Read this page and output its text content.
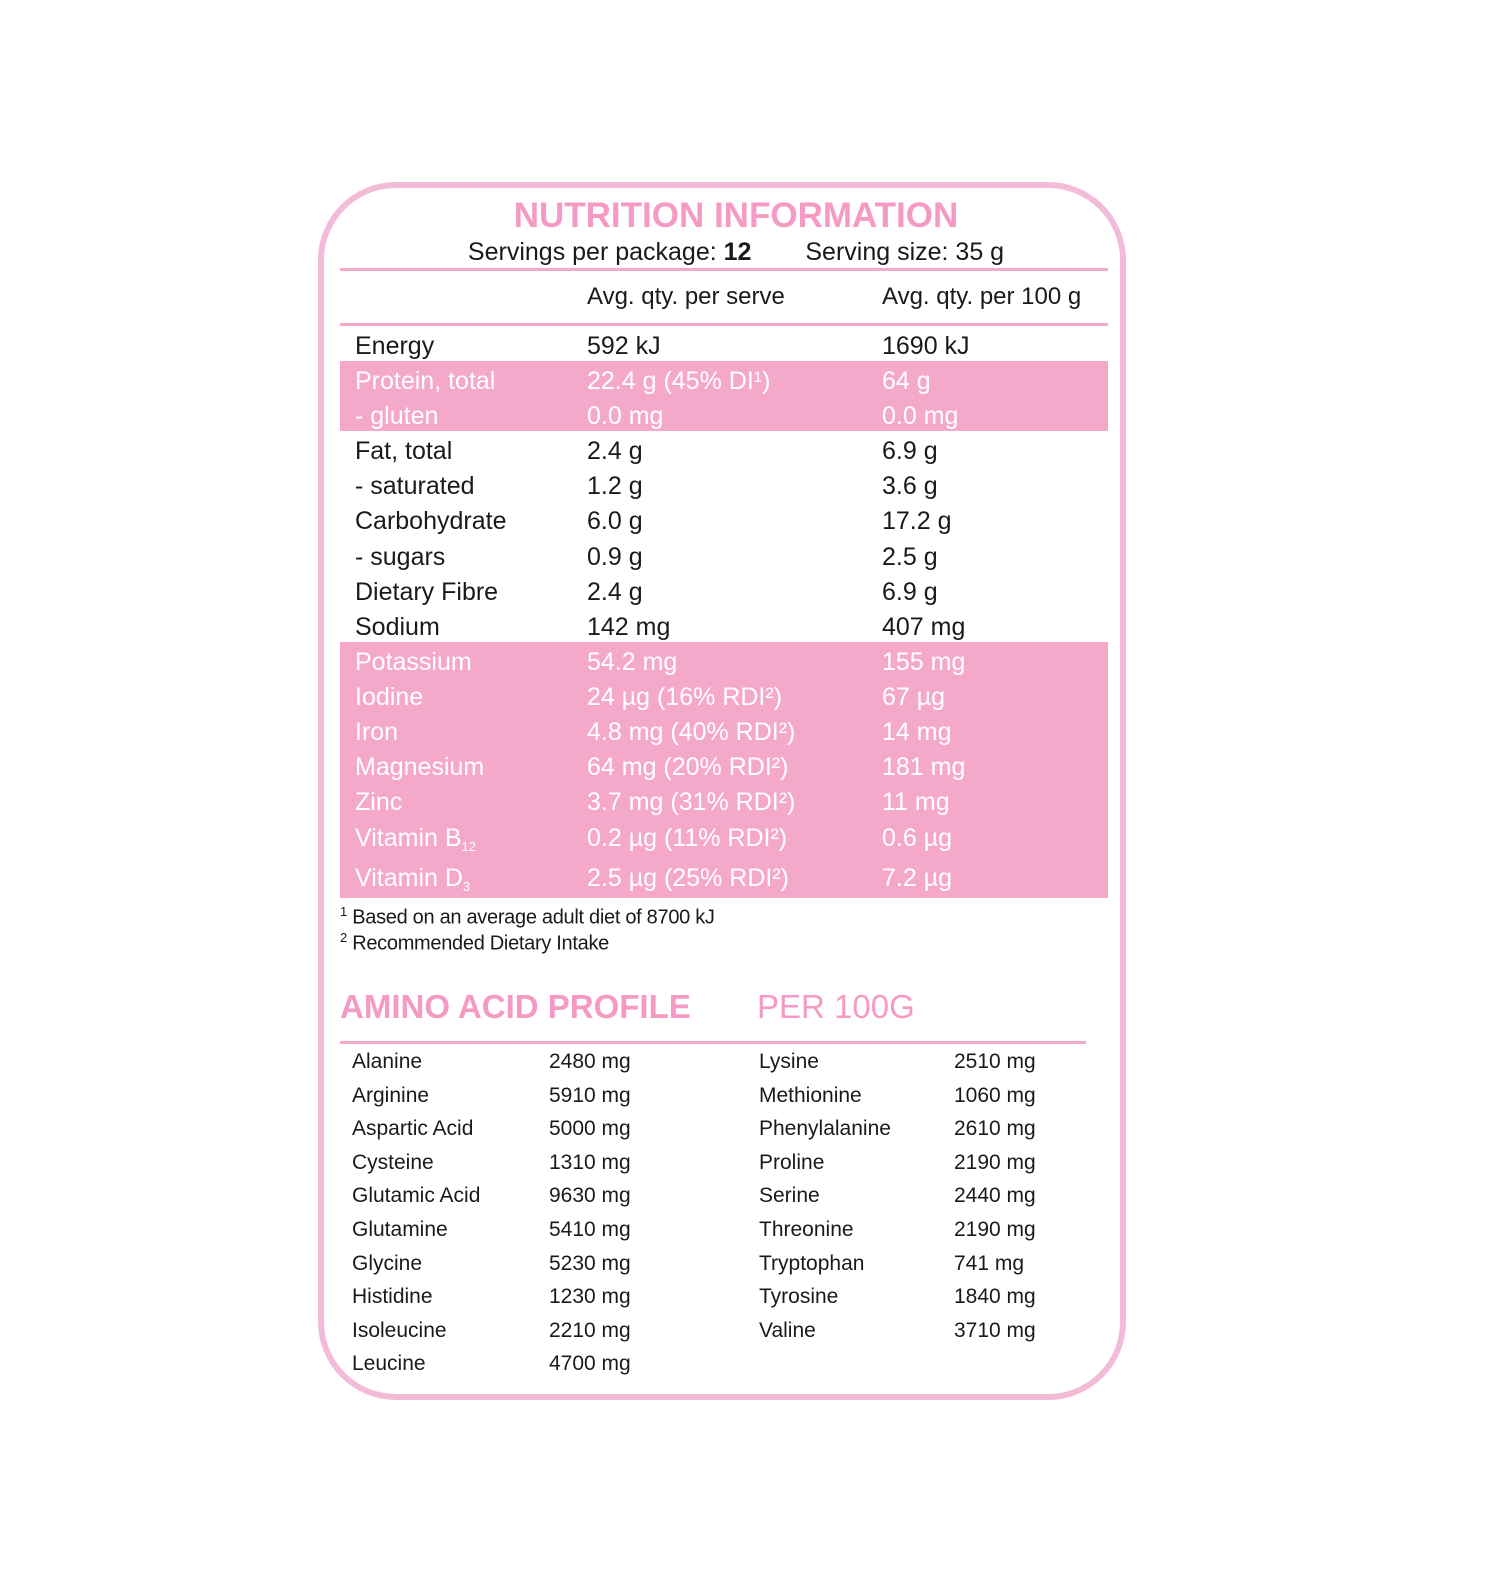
NUTRITION INFORMATION
Servings per package: 12 Serving size: 35 g
Avg. qty. per serve	Avg. qty. per 100 g
Energy	592 kJ	1690 kJ
Protein, total	22.4 g (45% DI¹)	64 g
- gluten	0.0 mg	0.0 mg
Fat, total	2.4 g	6.9 g
- saturated	1.2 g	3.6 g
Carbohydrate	6.0 g	17.2 g
- sugars	0.9 g	2.5 g
Dietary Fibre	2.4 g	6.9 g
Sodium	142 mg	407 mg
Potassium	54.2 mg	155 mg
Iodine	24 µg (16% RDI²)	67 µg
Iron	4.8 mg (40% RDI²)	14 mg
Magnesium	64 mg (20% RDI²)	181 mg
Zinc	3.7 mg (31% RDI²)	11 mg
Vitamin $B_{12}$	0.2 µg (11% RDI²)	0.6 µg
Vitamin $D_3$	2.5 µg (25% RDI²)	7.2 µg
$^1$ Based on an average adult diet of 8700 kJ
$^2$ Recommended Dietary Intake
AMINO ACID PROFILE PER 100G
Alanine	2480 mg
Arginine	5910 mg
Aspartic Acid	5000 mg
Cysteine	1310 mg
Glutamic Acid	9630 mg
Glutamine	5410 mg
Glycine	5230 mg
Histidine	1230 mg
Isoleucine	2210 mg
Leucine	4700 mg
Lysine	2510 mg
Methionine	1060 mg
Phenylalanine	2610 mg
Proline	2190 mg
Serine	2440 mg
Threonine	2190 mg
Tryptophan	741 mg
Tyrosine	1840 mg
Valine	3710 mg
